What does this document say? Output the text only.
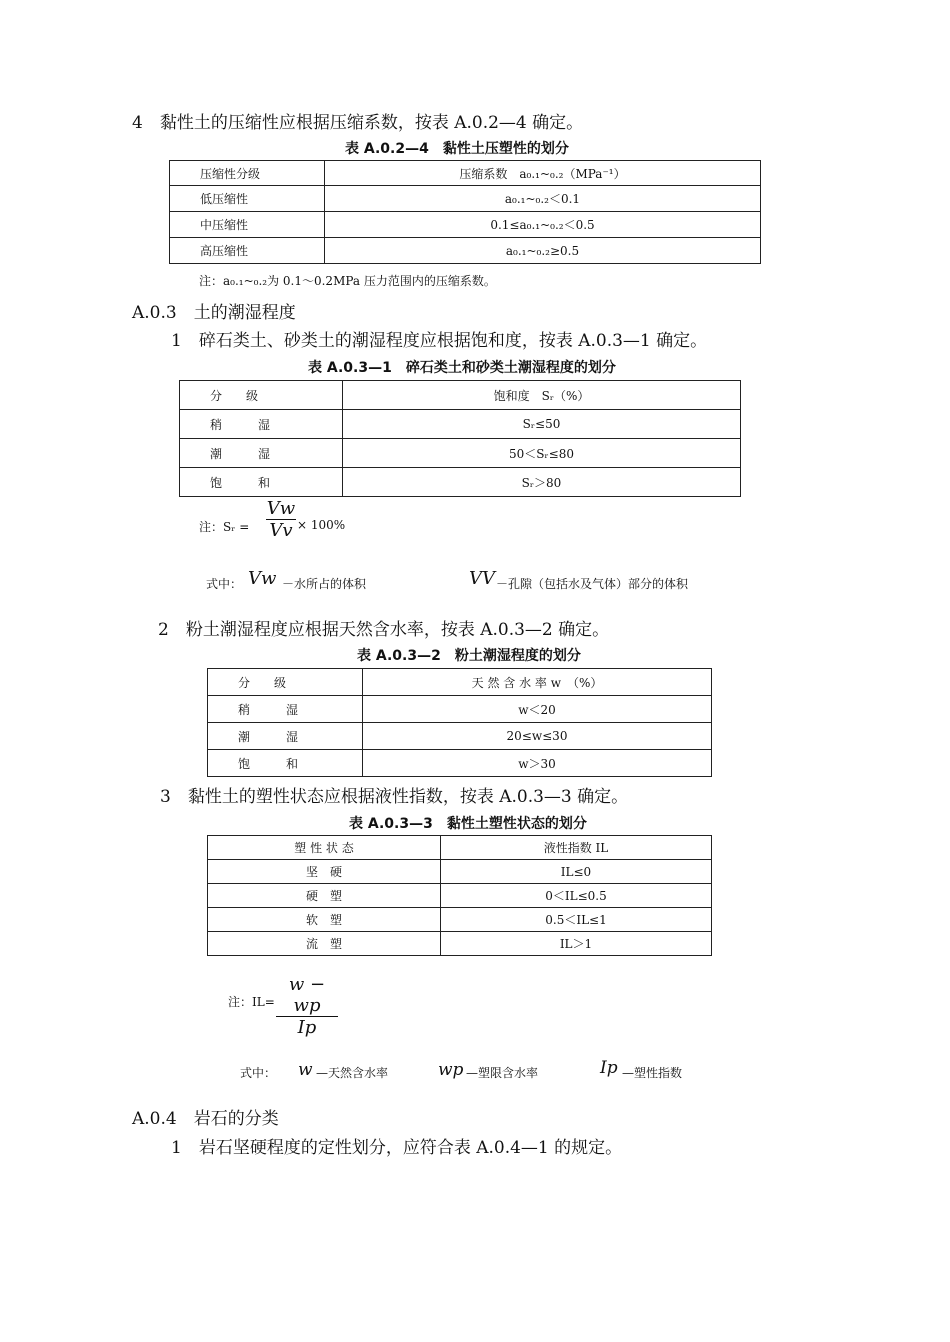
4　黏性土的压缩性应根据压缩系数，按表 A.0.2—4 确定。
表 A.0.2—4　黏性土压塑性的划分
压缩性分级	压缩系数　a₀.₁~₀.₂（MPa⁻¹）
低压缩性	a₀.₁~₀.₂＜0.1
中压缩性	0.1≤a₀.₁~₀.₂＜0.5
高压缩性	a₀.₁~₀.₂≥0.5
注：a₀.₁~₀.₂为 0.1～0.2MPa 压力范围内的压缩系数。
A.0.3　土的潮湿程度
1　碎石类土、砂类土的潮湿程度应根据饱和度，按表 A.0.3—1 确定。
表 A.0.3—1　碎石类土和砂类土潮湿程度的划分
分　　级	饱和度　Sᵣ（%）
稍　　　湿	Sᵣ≤50
潮　　　湿	50＜Sᵣ≤80
饱　　　和	Sᵣ＞80
注：Sᵣ = $\frac{Vw}{Vv} \times 100\%$
式中： Vw －水所占的体积	VV －孔隙（包括水及气体）部分的体积
2　粉土潮湿程度应根据天然含水率，按表 A.0.3—2 确定。
表 A.0.3—2　粉土潮湿程度的划分
分　　级	天 然 含 水 率 w　（%）
稍　　　湿	w＜20
潮　　　湿	20≤w≤30
饱　　　和	w＞30
3　黏性土的塑性状态应根据液性指数，按表 A.0.3—3 确定。
表 A.0.3—3　黏性土塑性状态的划分
塑 性 状 态	液性指数 IL
坚　硬	IL≤0
硬　塑	0＜IL≤0.5
软　塑	0.5＜IL≤1
流　塑	IL＞1
注：$IL= \frac{w - wp}{Ip}$
式中： w —天然含水率	wp —塑限含水率	Ip —塑性指数
A.0.4　岩石的分类
1　岩石坚硬程度的定性划分，应符合表 A.0.4—1 的规定。
